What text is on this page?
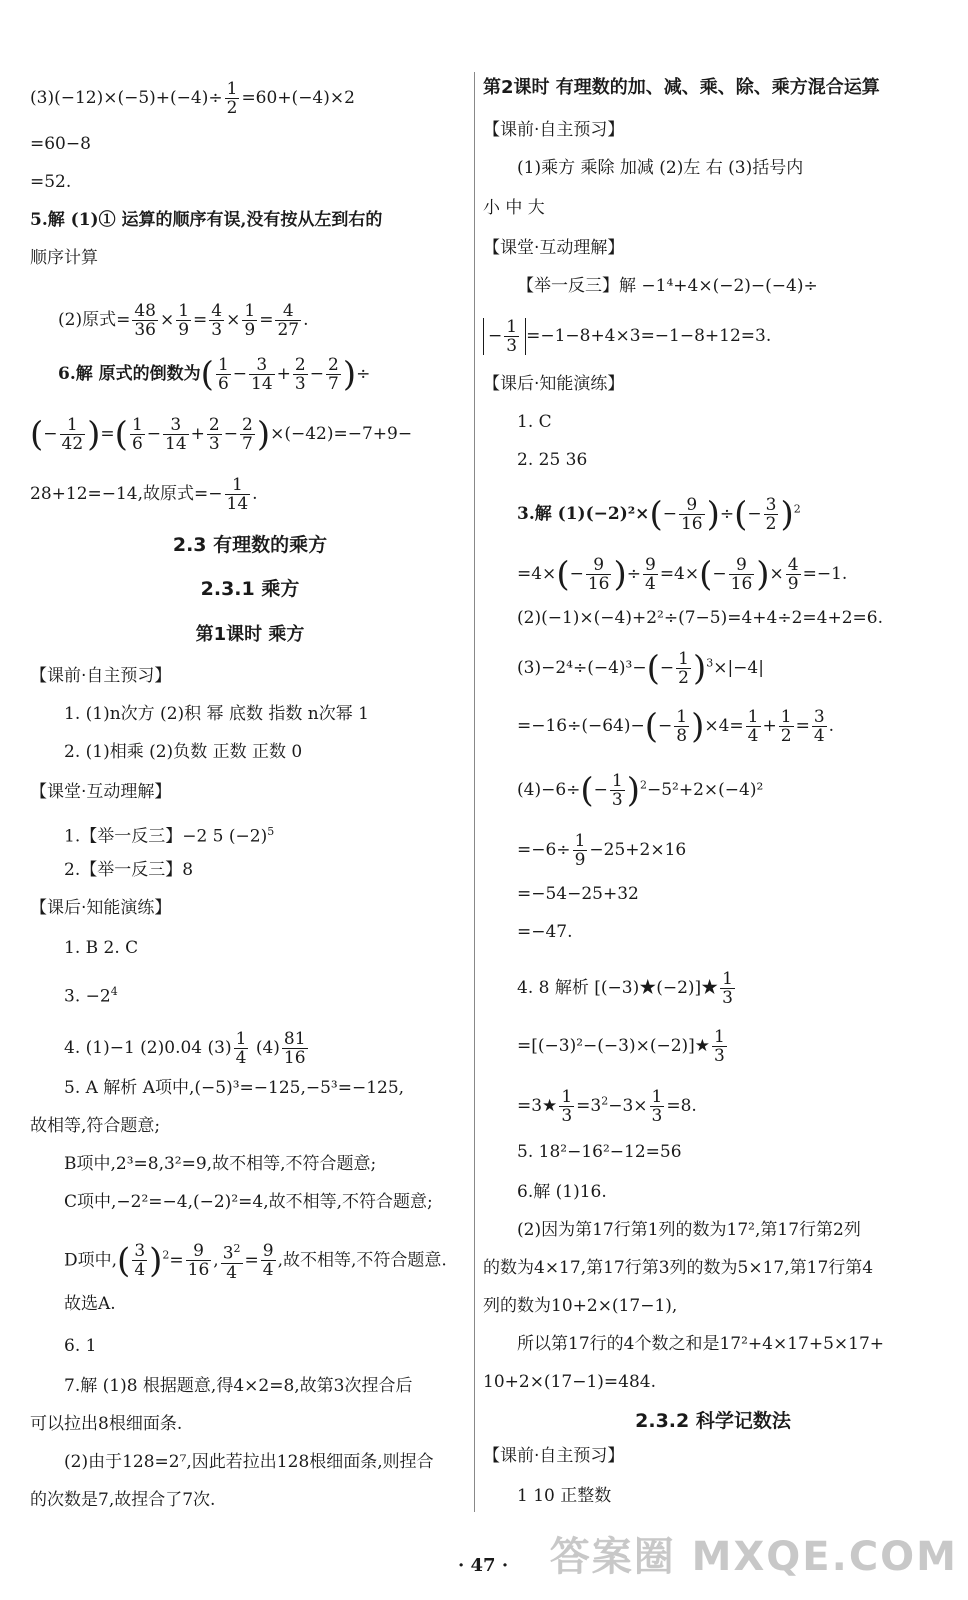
$(3)(-12)\times(-5)+(-4)\div \frac{1}{2} =60+(-4)\times 2$
=60−8
=52.
5.解 (1)① 运算的顺序有误,没有按从左到右的
顺序计算
(2)原式= $\frac{48}{36} \times \frac{1}{9} = \frac{4}{3} \times \frac{1}{9} = \frac{4}{27}$ .
6.解 原式的倒数为( $\frac{1}{6} - \frac{3}{14} + \frac{2}{3} - \frac{2}{7}$ )÷
(− $\frac{1}{42}$ )=( $\frac{1}{6} - \frac{3}{14} + \frac{2}{3} - \frac{2}{7} )\times(-42)=-7+9-$
28+12=−14,故原式=− $\frac{1}{14}$ .
2.3 有理数的乘方
2.3.1 乘方
第1课时 乘方
【课前·自主预习】
1. (1)n次方 (2)积 幂 底数 指数 n次幂 1
2. (1)相乘 (2)负数 正数 正数 0
【课堂·互动理解】
1.【举一反三】−2 5 $(-2)^5$
2.【举一反三】8
【课后·知能演练】
1. B 2. C
3. $-2^4$
4. (1)−1 (2)0.04 $(3) \frac{1}{4} (4) \frac{81}{16}$
5. A 解析 A项中,(−5)³=−125,−5³=−125,
故相等,符合题意;
B项中,2³=8,3²=9,故不相等,不符合题意;
C项中,−2²=−4,(−2)²=4,故不相等,不符合题意;
D项中,( $\frac{3}{4} )^2= \frac{9}{16}$ , $\frac{3^2}{4} = \frac{9}{4}$ ,故不相等,不符合题意.
故选A.
6. 1
7.解 (1)8 根据题意,得4×2=8,故第3次捏合后
可以拉出8根细面条.
(2)由于128=2⁷,因此若拉出128根细面条,则捏合
的次数是7,故捏合了7次.
第2课时 有理数的加、减、乘、除、乘方混合运算
【课前·自主预习】
(1)乘方 乘除 加减 (2)左 右 (3)括号内
小 中 大
【课堂·互动理解】
【举一反三】解 −1⁴+4×(−2)−(−4)÷
− $\frac{1}{3} =-1-8+4\times 3=-1-8+12=3$.
【课后·知能演练】
1. C
2. 25 36
3.解 $(1)(-2)^2\times(- \frac{9}{16}$ )÷(− $\frac{3}{2} )^2$
$=4\times(- \frac{9}{16}$ )÷ $\frac{9}{4} =4\times(- \frac{9}{16}$ )× $\frac{4}{9} =-1$.
(2)(−1)×(−4)+2²÷(7−5)=4+4÷2=4+2=6.
$(3)-2^4\div(-4)^3-(- \frac{1}{2} )^3\times|-4|$
$=-16\div(-64)-(- \frac{1}{8} )\times 4= \frac{1}{4} + \frac{1}{2} = \frac{3}{4}$ .
$(4)-6\div(- \frac{1}{3} )^2-5^2+2\times(-4)^2$
$=-6\div \frac{1}{9} -25+2\times 16$
=−54−25+32
=−47.
4. 8 解析 [(−3)★(−2)]★ $\frac{1}{3}$
=[(−3)²−(−3)×(−2)]★ $\frac{1}{3}$
=3★ $\frac{1}{3} =3^2-3\times \frac{1}{3} =8$.
5. 18²−16²−12=56
6.解 (1)16.
(2)因为第17行第1列的数为17²,第17行第2列
的数为4×17,第17行第3列的数为5×17,第17行第4
列的数为10+2×(17−1),
所以第17行的4个数之和是17²+4×17+5×17+
10+2×(17−1)=484.
2.3.2 科学记数法
【课前·自主预习】
1 10 正整数
· 47 · 答案圈 MXQE.COM
